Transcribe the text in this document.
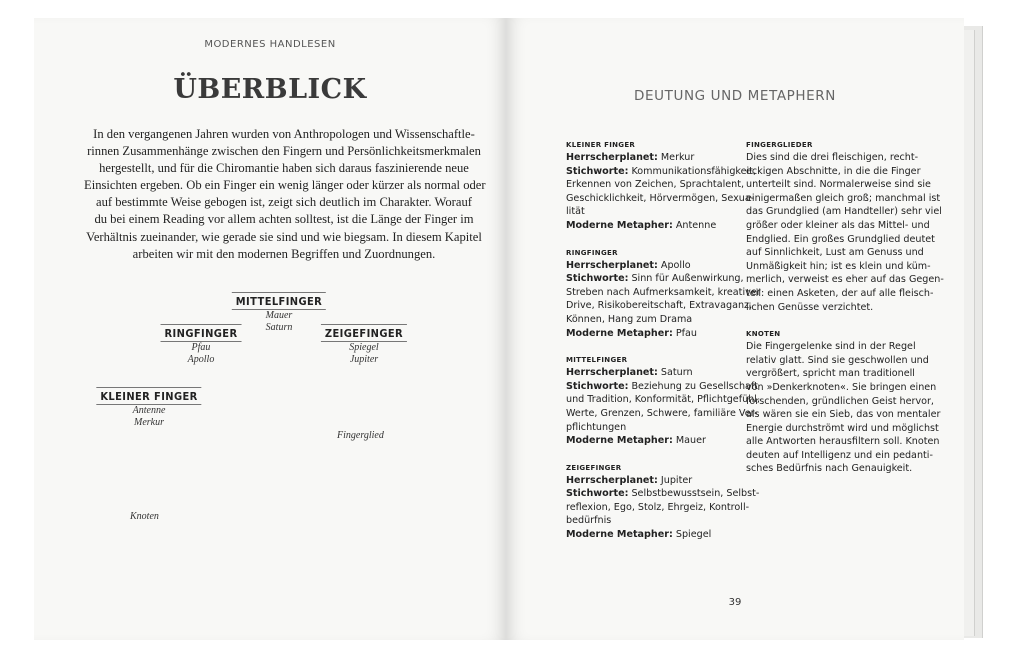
MODERNES HANDLESEN
ÜBERBLICK
In den vergangenen Jahren wurden von Anthropologen und Wissenschaftle-
rinnen Zusammenhänge zwischen den Fingern und Persönlichkeitsmerkmalen
hergestellt, und für die Chiromantie haben sich daraus faszinierende neue
Einsichten ergeben. Ob ein Finger ein wenig länger oder kürzer als normal oder
auf bestimmte Weise gebogen ist, zeigt sich deutlich im Charakter. Worauf
du bei einem Reading vor allem achten solltest, ist die Länge der Finger im
Verhältnis zueinander, wie gerade sie sind und wie biegsam. In diesem Kapitel
arbeiten wir mit den modernen Begriffen und Zuordnungen.
MITTELFINGER
Mauer
Saturn
RINGFINGER
Pfau
Apollo
ZEIGEFINGER
Spiegel
Jupiter
KLEINER FINGER
Antenne
Merkur
Fingerglied
Knoten
DEUTUNG UND METAPHERN
KLEINER FINGER
Herrscherplanet: Merkur
Stichworte: Kommunikationsfähigkeit,
Erkennen von Zeichen, Sprachtalent,
Geschicklichkeit, Hörvermögen, Sexua-
lität
Moderne Metapher: Antenne
RINGFINGER
Herrscherplanet: Apollo
Stichworte: Sinn für Außenwirkung,
Streben nach Aufmerksamkeit, kreativer
Drive, Risikobereitschaft, Extravaganz,
Können, Hang zum Drama
Moderne Metapher: Pfau
MITTELFINGER
Herrscherplanet: Saturn
Stichworte: Beziehung zu Gesellschaft
und Tradition, Konformität, Pflichtgefühl,
Werte, Grenzen, Schwere, familiäre Ver-
pflichtungen
Moderne Metapher: Mauer
ZEIGEFINGER
Herrscherplanet: Jupiter
Stichworte: Selbstbewusstsein, Selbst-
reflexion, Ego, Stolz, Ehrgeiz, Kontroll-
bedürfnis
Moderne Metapher: Spiegel
FINGERGLIEDER
Dies sind die drei fleischigen, recht-
eckigen Abschnitte, in die die Finger
unterteilt sind. Normalerweise sind sie
einigermaßen gleich groß; manchmal ist
das Grundglied (am Handteller) sehr viel
größer oder kleiner als das Mittel- und
Endglied. Ein großes Grundglied deutet
auf Sinnlichkeit, Lust am Genuss und
Unmäßigkeit hin; ist es klein und küm-
merlich, verweist es eher auf das Gegen-
teil: einen Asketen, der auf alle fleisch-
lichen Genüsse verzichtet.
KNOTEN
Die Fingergelenke sind in der Regel
relativ glatt. Sind sie geschwollen und
vergrößert, spricht man traditionell
von »Denkerknoten«. Sie bringen einen
forschenden, gründlichen Geist hervor,
als wären sie ein Sieb, das von mentaler
Energie durchströmt wird und möglichst
alle Antworten herausfiltern soll. Knoten
deuten auf Intelligenz und ein pedanti-
sches Bedürfnis nach Genauigkeit.
39
